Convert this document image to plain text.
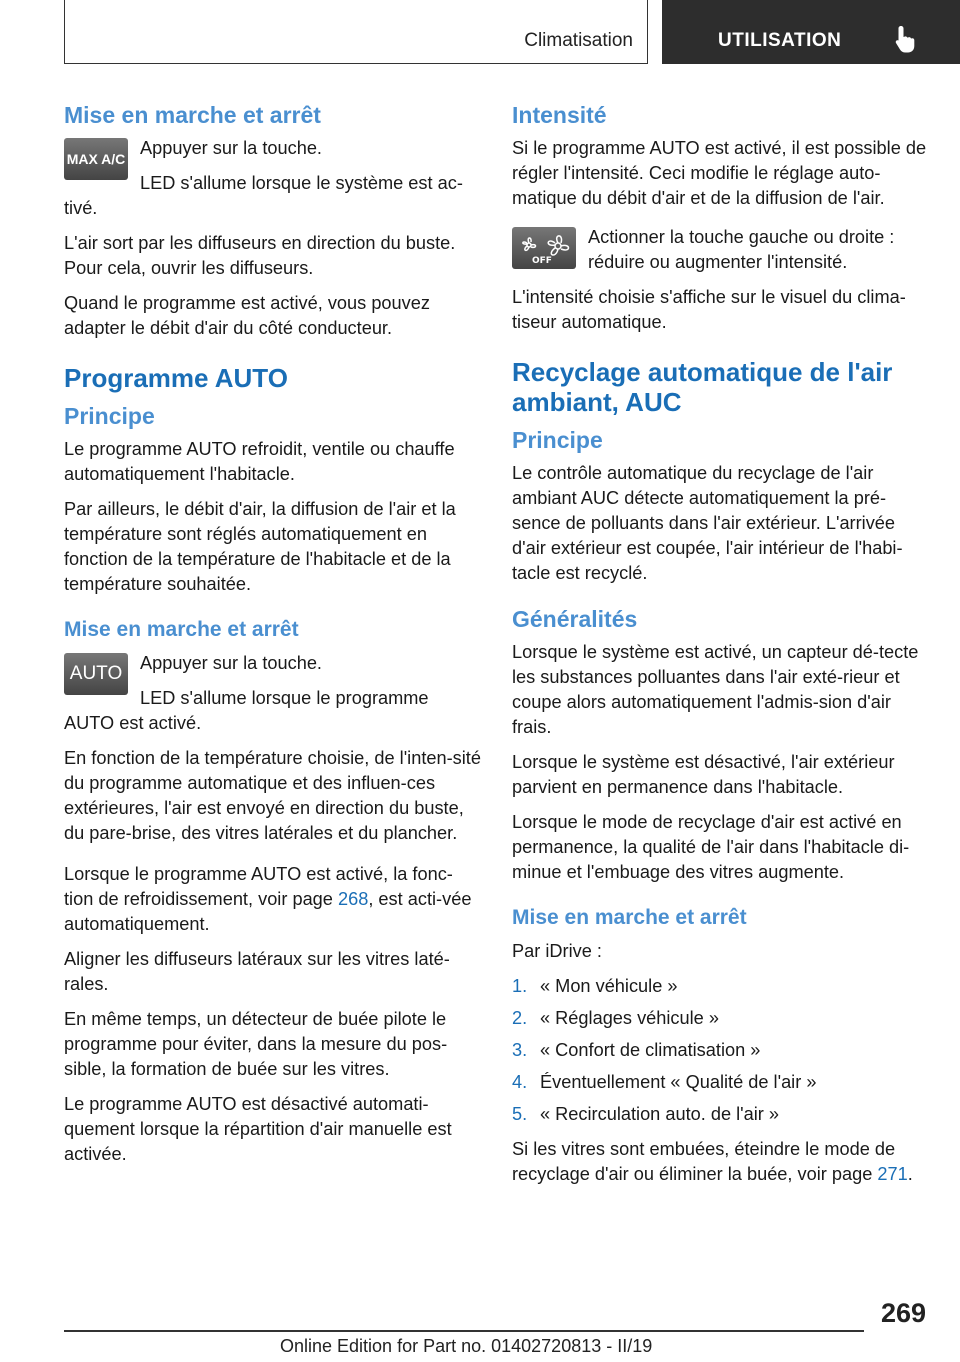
Climatisation	UTILISATION
Mise en marche et arrêt
MAX A/C

Appuyer sur la touche.

LED s'allume lorsque le système est ac‐tivé.

L'air sort par les diffuseurs en direction du buste. Pour cela, ouvrir les diffuseurs.

Quand le programme est activé, vous pouvez adapter le débit d'air du côté conducteur.

Programme AUTO
Principe

Le programme AUTO refroidit, ventile ou chauffe automatiquement l'habitacle.

Par ailleurs, le débit d'air, la diffusion de l'air et la température sont réglés automatiquement en fonction de la température de l'habitacle et de la température souhaitée.

Mise en marche et arrêt
AUTO Appuyer sur la touche.

LED s'allume lorsque le programme AUTO est activé.

En fonction de la température choisie, de l'inten‐sité du programme automatique et des influen‐ces extérieures, l'air est envoyé en direction du buste, du pare-brise, des vitres latérales et du plancher.

Lorsque le programme AUTO est activé, la fonc‐tion de refroidissement, voir page 268, est acti‐vée automatiquement.

Aligner les diffuseurs latéraux sur les vitres laté‐rales.

En même temps, un détecteur de buée pilote le programme pour éviter, dans la mesure du pos‐sible, la formation de buée sur les vitres.

Le programme AUTO est désactivé automati‐quement lorsque la répartition d'air manuelle est activée.

Intensité

Si le programme AUTO est activé, il est possible de régler l'intensité. Ceci modifie le réglage auto‐matique du débit d'air et de la diffusion de l'air.

OFF

Actionner la touche gauche ou droite : réduire ou augmenter l'intensité.

L'intensité choisie s'affiche sur le visuel du clima‐tiseur automatique.

Recyclage automatique de l'air ambiant, AUC
Principe

Le contrôle automatique du recyclage de l'air ambiant AUC détecte automatiquement la pré‐sence de polluants dans l'air extérieur. L'arrivée d'air extérieur est coupée, l'air intérieur de l'habi‐tacle est recyclé.

Généralités

Lorsque le système est activé, un capteur dé‐tecte les substances polluantes dans l'air exté‐rieur et coupe alors automatiquement l'admis‐sion d'air frais.

Lorsque le système est désactivé, l'air extérieur parvient en permanence dans l'habitacle.

Lorsque le mode de recyclage d'air est activé en permanence, la qualité de l'air dans l'habitacle di‐minue et l'embuage des vitres augmente.

Mise en marche et arrêt

Par iDrive :

1. « Mon véhicule »
2. « Réglages véhicule »
3. « Confort de climatisation »
4. Éventuellement « Qualité de l'air »
5. « Recirculation auto. de l'air »

Si les vitres sont embuées, éteindre le mode de recyclage d'air ou éliminer la buée, voir page 271.

269
Online Edition for Part no. 01402720813 - II/19
